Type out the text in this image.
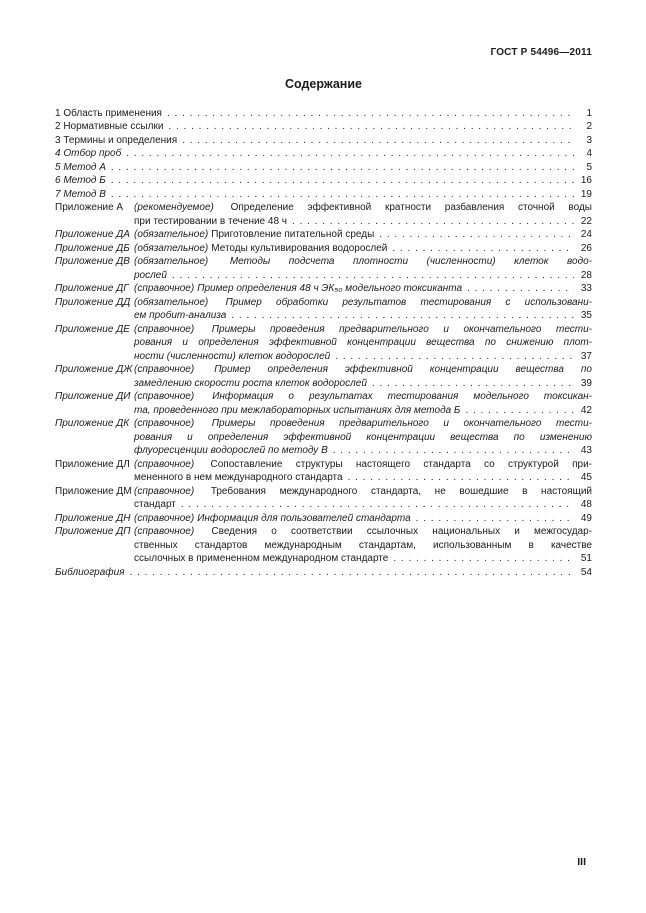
ГОСТ Р 54496—2011
Содержание
1 Область применения . . .	1
2 Нормативные ссылки . . .	2
3 Термины и определения . . .	3
4 Отбор проб . . .	4
5 Метод А . . .	5
6 Метод Б . . .	16
7 Метод В . . .	19
Приложение А	(рекомендуемое) Определение эффективной кратности разбавления сточной воды
при тестировании в течение 48 ч . . .	22
Приложение ДА (обязательное) Приготовление питательной среды . . .	24
Приложение ДБ (обязательное) Методы культивирования водорослей . . .	26
Приложение ДВ (обязательное) Методы подсчета плотности (численности) клеток водо-
рослей . . .	28
Приложение ДГ (справочное) Пример определения 48 ч ЭК₅₀ модельного токсиканта . . .	33
Приложение ДД (обязательное) Пример обработки результатов тестирования с использовани-
ем пробит-анализа . . .	35
Приложение ДЕ (справочное) Примеры проведения предварительного и окончательного тести-
рования и определения эффективной концентрации вещества по снижению плот-
ности (численности) клеток водорослей . . .	37
Приложение ДЖ (справочное) Пример определения эффективной концентрации вещества по
замедлению скорости роста клеток водорослей . . .	39
Приложение ДИ (справочное) Информация о результатах тестирования модельного токсикан-
та, проведенного при межлабораторных испытаниях для метода Б . . .	42
Приложение ДК (справочное) Примеры проведения предварительного и окончательного тести-
рования и определения эффективной концентрации вещества по изменению
флуоресценции водорослей по методу В . . .	43
Приложение ДЛ (справочное) Сопоставление структуры настоящего стандарта со структурой при-
мененного в нем международного стандарта . . .	45
Приложение ДМ (справочное) Требования международного стандарта, не вошедшие в настоящий
стандарт . . .	48
Приложение ДН (справочное) Информация для пользователей стандарта . . .	49
Приложение ДП (справочное) Сведения о соответствии ссылочных национальных и межгосудар-
ственных стандартов международным стандартам, использованным в качестве
ссылочных в примененном международном стандарте . . .	51
Библиография . . .	54
III
